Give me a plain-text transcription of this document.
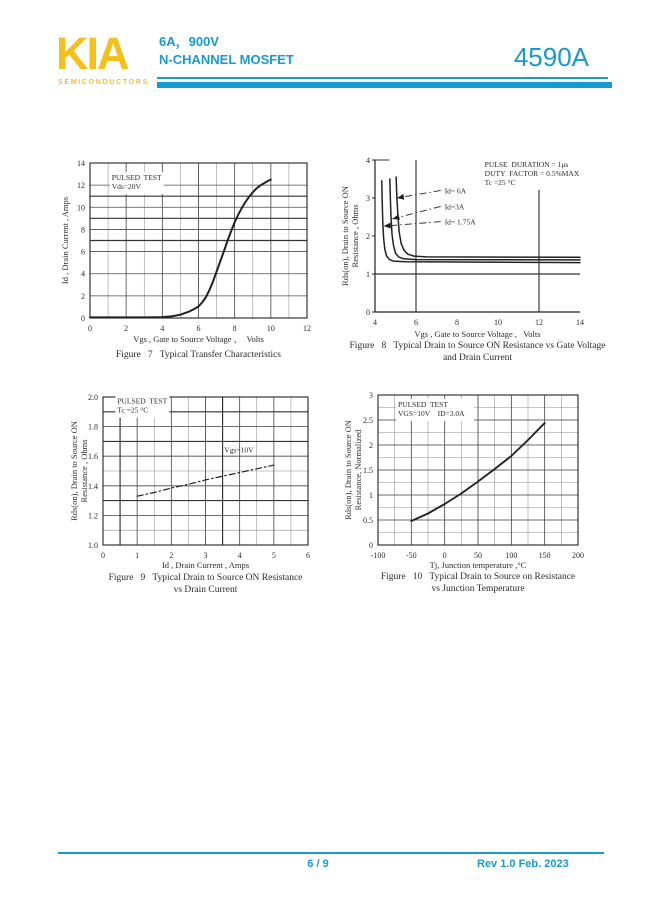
KIA
SEMICONDUCTORS
6A，900V
N-CHANNEL MOSFET	4590A
0	2	4	6	8	10	12
0
2
4
6
8
10
12
14
PULSED  TEST
Vds=20V
Vgs , Gate to Source Voltage ，  Volts
Id , Drain Current , Amps
Figure   7   Typical Transfer Characteristics
4	6	8	10	12	14
0
1
2
3
4
Id= 6A
Id=3A
Id= 1.75A
PULSE  DURATION = 1μs
DUTY  FACTOR = 0.5%MAX
Tc =25 °C
Vgs , Gate to Source Voltage ,   Volts
Rds(on), Drain to Source ON Resistance , Ohms
Figure   8   Typical Drain to Source ON Resistance vs Gate Voltage
and Drain Current
0	1	2	3	4	5	6
1.0
1.2
1.4
1.6
1.8
2.0
Vgs=10V
PULSED  TEST
Tc =25 °C
Id , Drain Current , Amps
Rds(on), Drain to Source ON Resistance , Ohms
Figure   9   Typical Drain to Source ON Resistance
vs Drain Current
-100	-50	0	50	100	150	200
0
0.5
1
1.5
2
2.5
3
PULSED  TEST
VGS=10V    ID=3.0A
Tj, Junction temperature ,°C
Rds(on), Drain to Source ON Resistance, Normalized
Figure   10   Typical Drain to Source on Resistance
vs Junction Temperature
6 / 9	Rev 1.0 Feb. 2023
